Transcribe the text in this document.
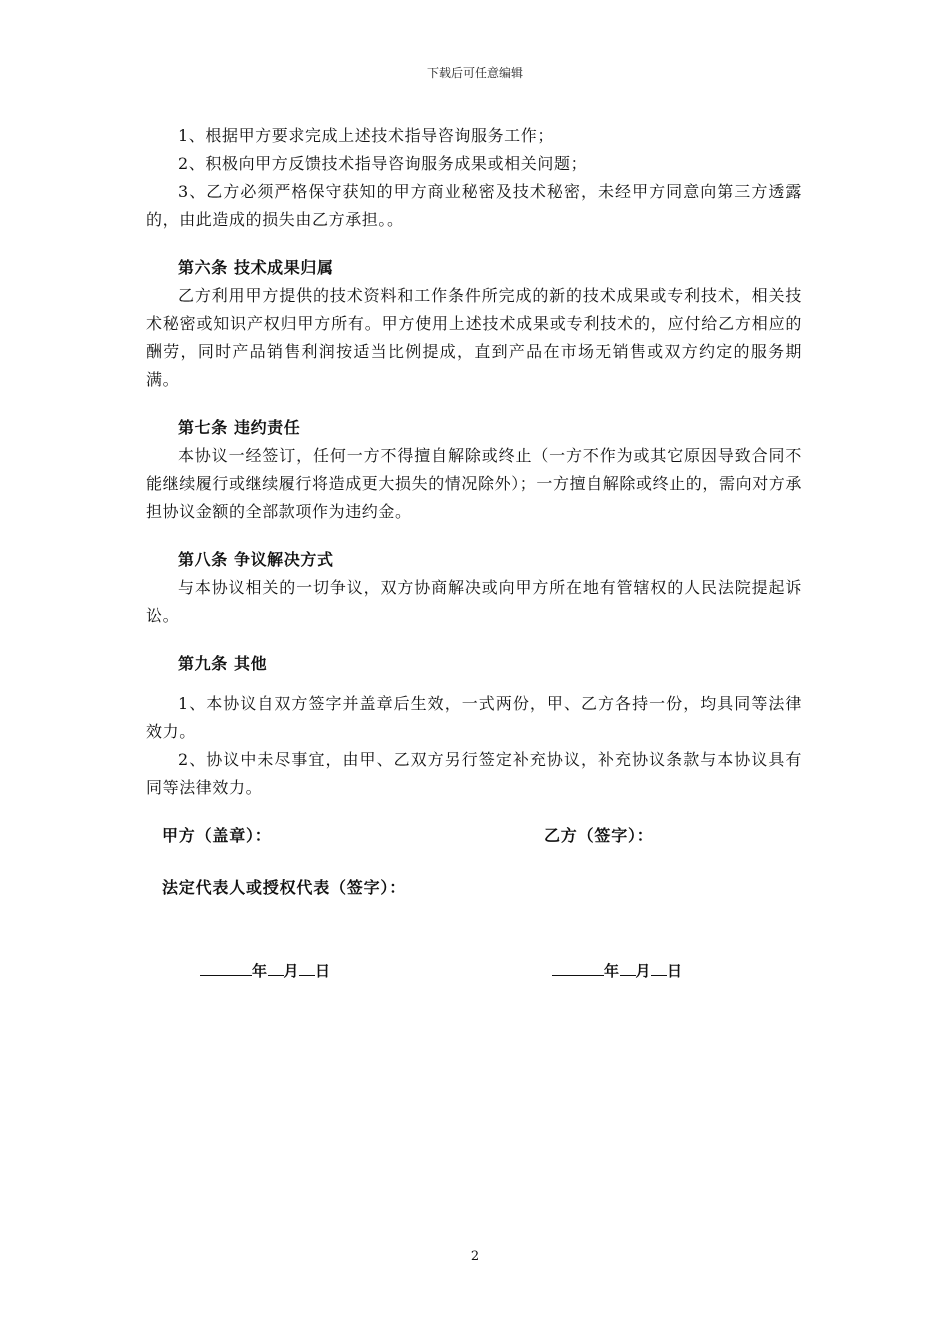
下载后可任意编辑

1、根据甲方要求完成上述技术指导咨询服务工作；

2、积极向甲方反馈技术指导咨询服务成果或相关问题；

3、乙方必须严格保守获知的甲方商业秘密及技术秘密，未经甲方同意向第三方透露的，由此造成的损失由乙方承担。。

第六条 技术成果归属

乙方利用甲方提供的技术资料和工作条件所完成的新的技术成果或专利技术，相关技术秘密或知识产权归甲方所有。甲方使用上述技术成果或专利技术的，应付给乙方相应的酬劳，同时产品销售利润按适当比例提成，直到产品在市场无销售或双方约定的服务期满。

第七条 违约责任

本协议一经签订，任何一方不得擅自解除或终止（一方不作为或其它原因导致合同不能继续履行或继续履行将造成更大损失的情况除外）；一方擅自解除或终止的，需向对方承担协议金额的全部款项作为违约金。

第八条 争议解决方式

与本协议相关的一切争议，双方协商解决或向甲方所在地有管辖权的人民法院提起诉讼。

第九条 其他

1、本协议自双方签字并盖章后生效，一式两份，甲、乙方各持一份，均具同等法律效力。

2、协议中未尽事宜，由甲、乙双方另行签定补充协议，补充协议条款与本协议具有同等法律效力。

甲方（盖章）：	乙方（签字）：
法定代表人或授权代表（签字）：
年 月 日	年 月 日
2
